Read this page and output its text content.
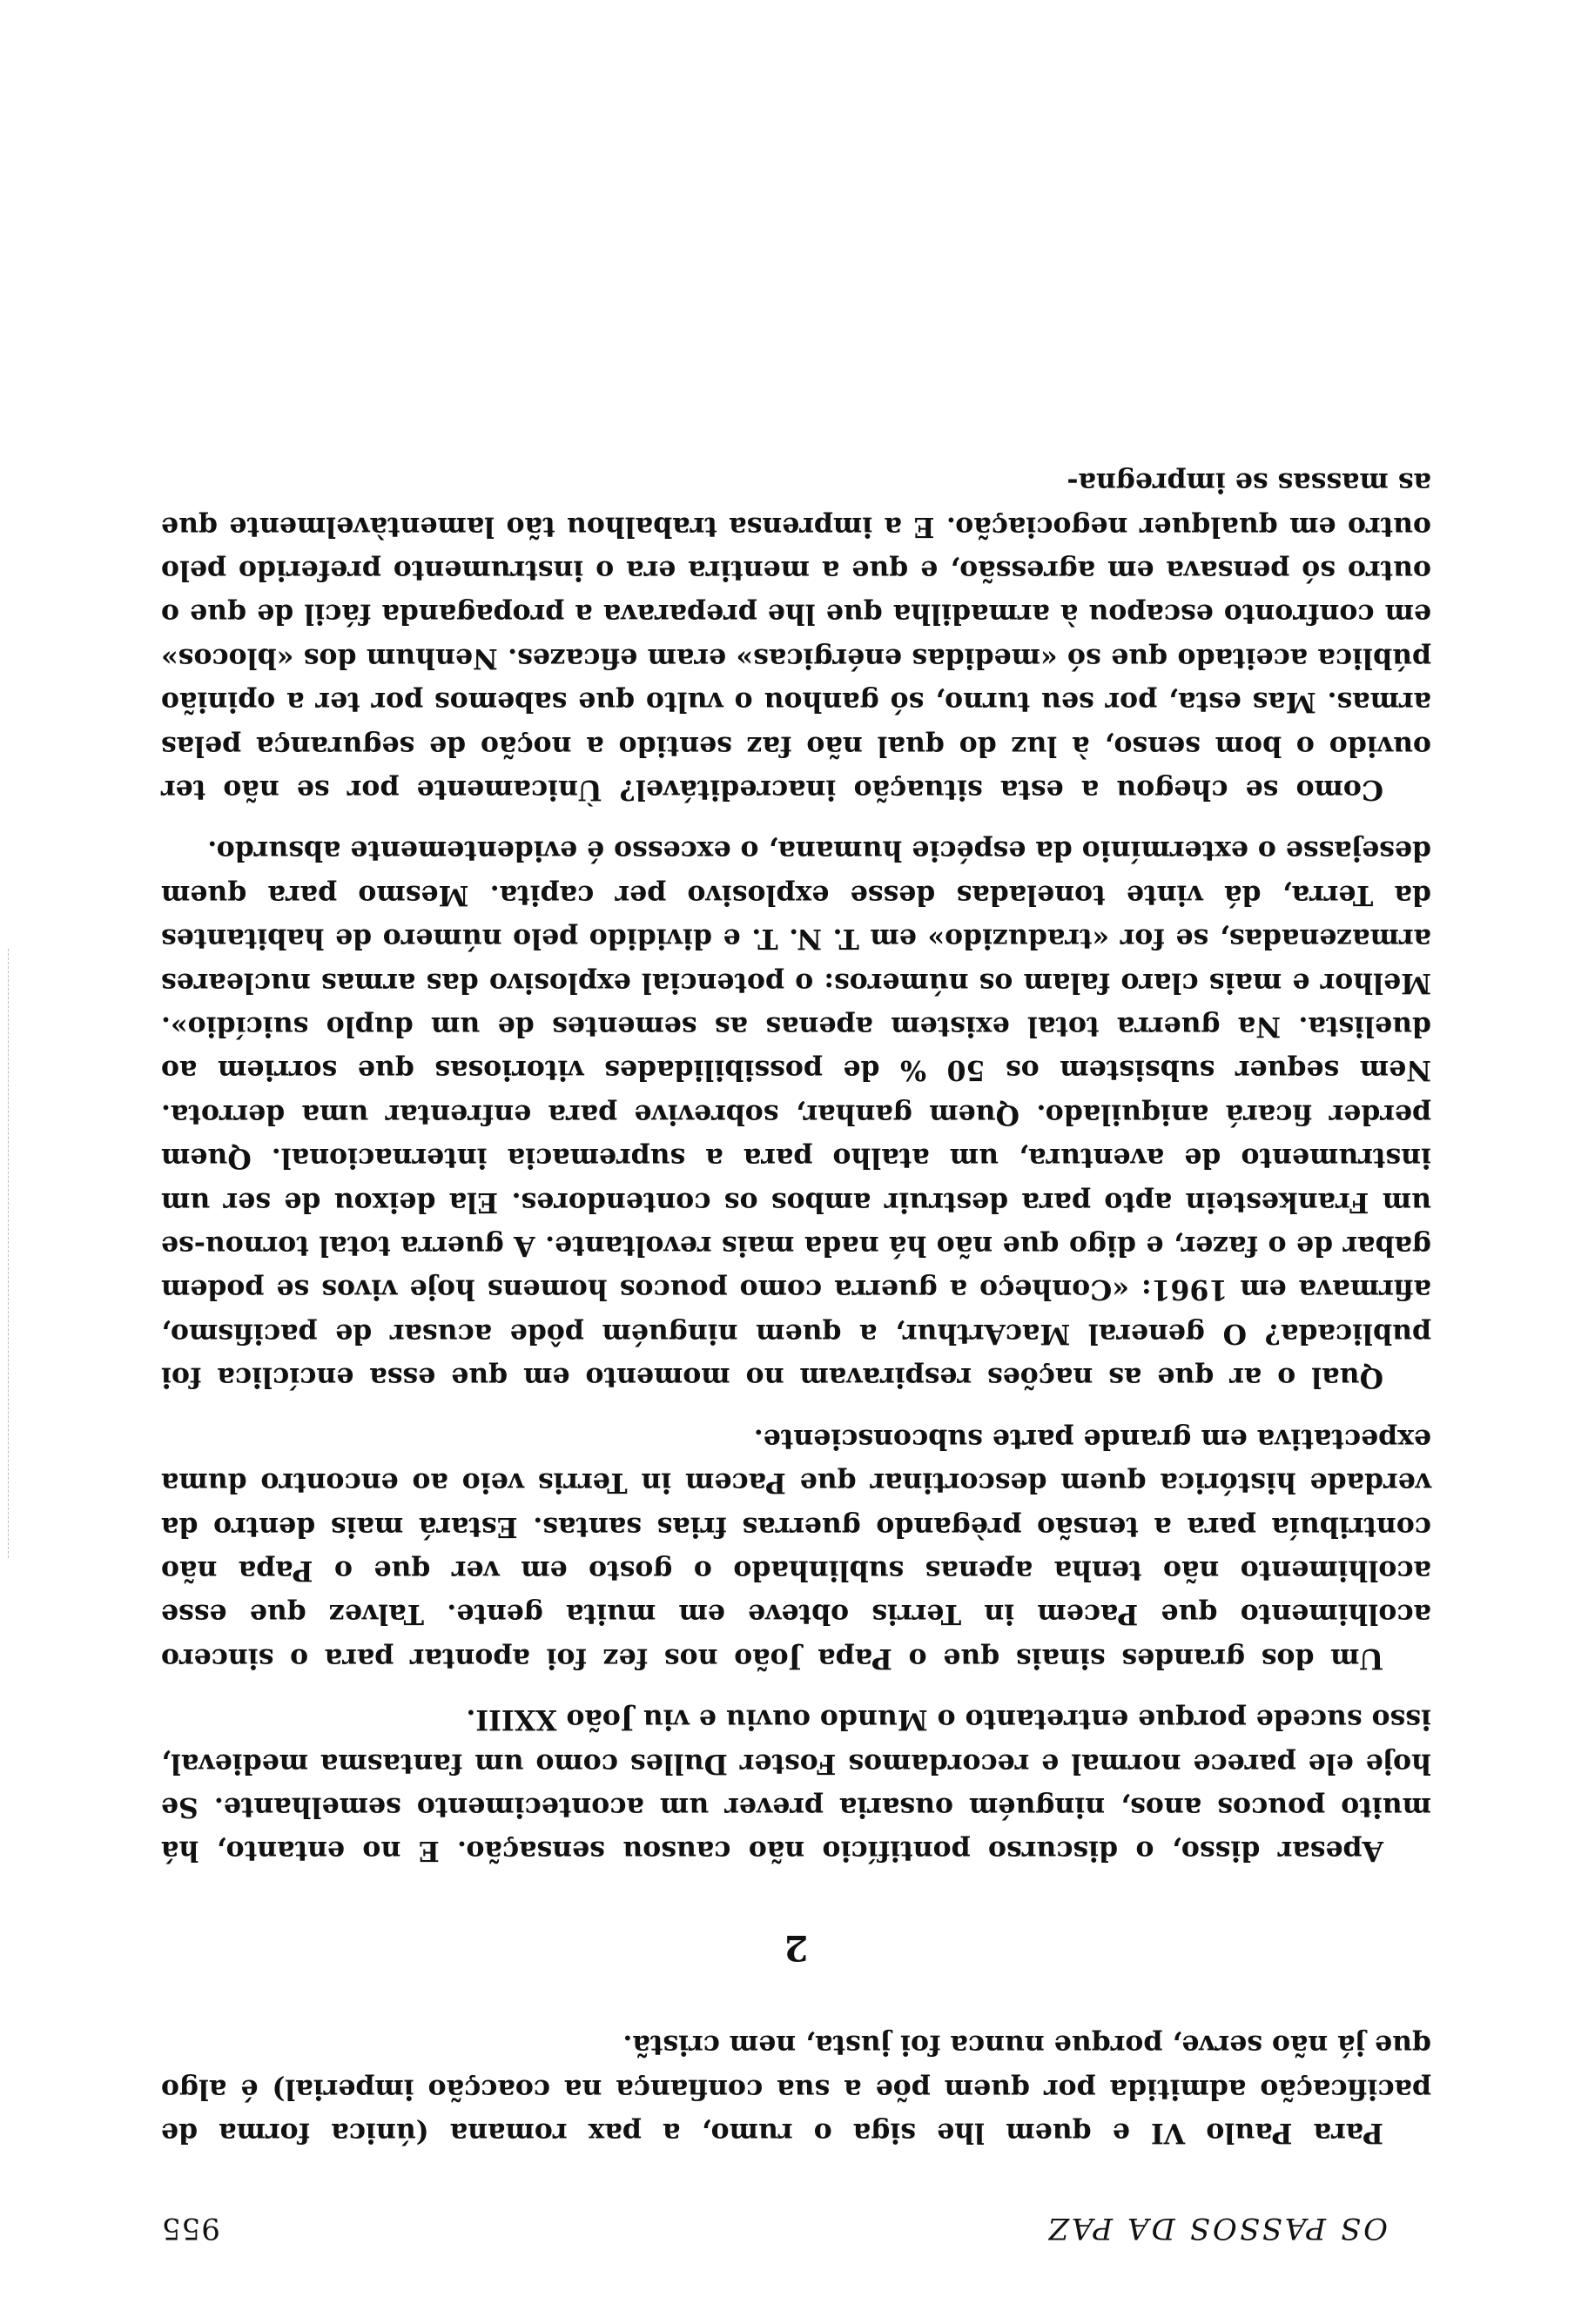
OS PASSOS DA PAZ
955

Para Paulo VI e quem lhe siga o rumo, a pax romana (única forma de pacificação admitida por quem põe a sua confiança na coacção imperial) é algo que já não serve, porque nunca foi justa, nem cristã.

2

Apesar disso, o discurso pontifício não causou sensação. E no entanto, há muito poucos anos, ninguém ousaria prever um acontecimento semelhante. Se hoje ele parece normal e recordamos Foster Dulles como um fantasma medieval, isso sucede porque entretanto o Mundo ouviu e viu João XXIII.

Um dos grandes sinais que o Papa João nos fez foi apontar para o sincero acolhimento que Pacem in Terris obteve em muita gente. Talvez que esse acolhimento não tenha apenas sublinhado o gosto em ver que o Papa não contribuía para a tensão prègando guerras frias santas. Estará mais dentro da verdade histórica quem descortinar que Pacem in Terris veio ao encontro duma expectativa em grande parte subconsciente.

Qual o ar que as nações respiravam no momento em que essa encíclica foi publicada? O general MacArthur, a quem ninguém pôde acusar de pacifismo, afirmava em 1961: «Conheço a guerra como poucos homens hoje vivos se podem gabar de o fazer, e digo que não há nada mais revoltante. A guerra total tornou-se um Frankestein apto para destruir ambos os contendores. Ela deixou de ser um instrumento de aventura, um atalho para a supremacia internacional. Quem perder ficará aniquilado. Quem ganhar, sobrevive para enfrentar uma derrota. Nem sequer subsistem os 50 % de possibilidades vitoriosas que sorriem ao duelista. Na guerra total existem apenas as sementes de um duplo suicídio». Melhor e mais claro falam os números: o potencial explosivo das armas nucleares armazenadas, se for «traduzido» em T. N. T. e dividido pelo número de habitantes da Terra, dá vinte toneladas desse explosivo per capita. Mesmo para quem desejasse o extermínio da espécie humana, o excesso é evidentemente absurdo.

Como se chegou a esta situação inacreditável? Ùnicamente por se não ter ouvido o bom senso, à luz do qual não faz sentido a noção de segurança pelas armas. Mas esta, por seu turno, só ganhou o vulto que sabemos por ter a opinião pública aceitado que só «medidas enérgicas» eram eficazes. Nenhum dos «blocos» em confronto escapou à armadilha que lhe preparava a propaganda fácil de que o outro só pensava em agressão, e que a mentira era o instrumento preferido pelo outro em qualquer negociação. E a imprensa trabalhou tão lamentàvelmente que as massas se impregna-
